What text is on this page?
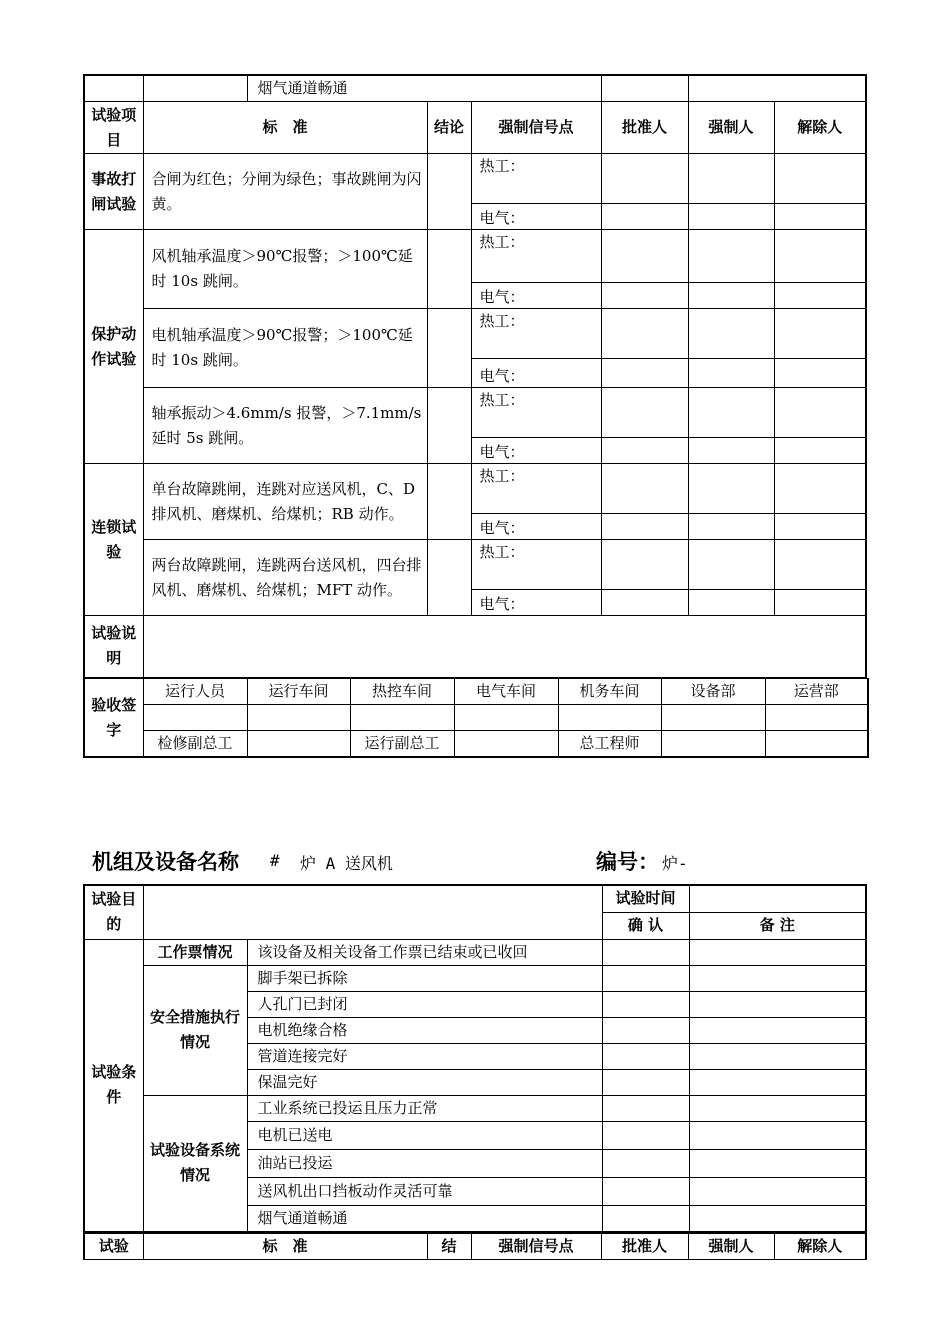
		烟气通道畅通					
试验项目	标　准		结论	强制信号点	批准人	强制人	解除人
事故打闸试验	合闸为红色；分闸为绿色；事故跳闸为闪黄。			热工：			
				电气：			
保护动作试验	风机轴承温度＞90℃报警；＞100℃延时 10s 跳闸。			热工：			
				电气：			
	电机轴承温度＞90℃报警；＞100℃延时 10s 跳闸。			热工：			
				电气：			
	轴承振动＞4.6mm/s 报警，＞7.1mm/s 延时 5s 跳闸。			热工：			
				电气：			
连锁试验	单台故障跳闸，连跳对应送风机，C、D 排风机、磨煤机、给煤机；RB 动作。			热工：			
				电气：			
	两台故障跳闸，连跳两台送风机，四台排风机、磨煤机、给煤机；MFT 动作。			热工：			
				电气：			
试验说明							
验收签字	运行人员	运行车间	热控车间	电气车间	机务车间	设备部	运营部

	检修副总工		运行副总工		总工程师		
机组及设备名称 # 炉 A 送风机	编号： 炉-
试验目的			试验时间	
			确 认	备 注
试验条件	工作票情况	该设备及相关设备工作票已结束或已收回		
	安全措施执行情况	脚手架已拆除		
		人孔门已封闭		
		电机绝缘合格		
		管道连接完好		
		保温完好		
	试验设备系统情况	工业系统已投运且压力正常		
		电机已送电		
		油站已投运		
		送风机出口挡板动作灵活可靠		
		烟气通道畅通		
试验	标　准	结	强制信号点	批准人	强制人	解除人
